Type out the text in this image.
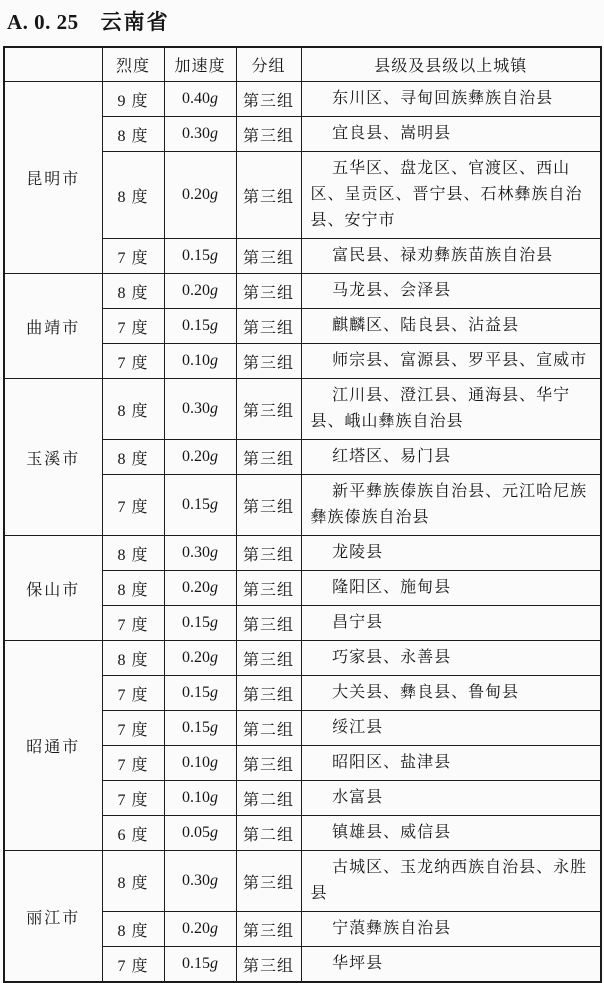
A. 0. 25 云南省
	烈度	加速度	分组	县级及县级以上城镇
昆明市	9 度	0.40g	第三组	东川区、寻甸回族彝族自治县
	8 度	0.30g	第三组	宜良县、嵩明县
	8 度	0.20g	第三组	五华区、盘龙区、官渡区、西山区、呈贡区、晋宁县、石林彝族自治县、安宁市
	7 度	0.15g	第三组	富民县、禄劝彝族苗族自治县
曲靖市	8 度	0.20g	第三组	马龙县、会泽县
	7 度	0.15g	第三组	麒麟区、陆良县、沾益县
	7 度	0.10g	第三组	师宗县、富源县、罗平县、宣威市
玉溪市	8 度	0.30g	第三组	江川县、澄江县、通海县、华宁县、峨山彝族自治县
	8 度	0.20g	第三组	红塔区、易门县
	7 度	0.15g	第三组	新平彝族傣族自治县、元江哈尼族彝族傣族自治县
保山市	8 度	0.30g	第三组	龙陵县
	8 度	0.20g	第三组	隆阳区、施甸县
	7 度	0.15g	第三组	昌宁县
昭通市	8 度	0.20g	第三组	巧家县、永善县
	7 度	0.15g	第三组	大关县、彝良县、鲁甸县
	7 度	0.15g	第二组	绥江县
	7 度	0.10g	第三组	昭阳区、盐津县
	7 度	0.10g	第二组	水富县
	6 度	0.05g	第二组	镇雄县、威信县
丽江市	8 度	0.30g	第三组	古城区、玉龙纳西族自治县、永胜县
	8 度	0.20g	第三组	宁蒗彝族自治县
	7 度	0.15g	第三组	华坪县
